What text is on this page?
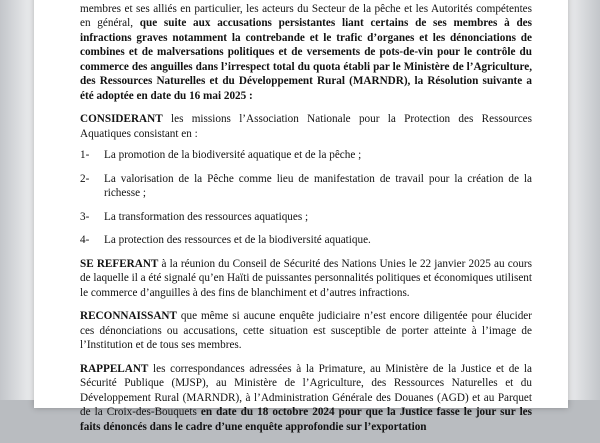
membres et ses alliés en particulier, les acteurs du Secteur de la pêche et les Autorités compétentes en général, que suite aux accusations persistantes liant certains de ses membres à des infractions graves notamment la contrebande et le trafic d’organes et les dénonciations de combines et de malversations politiques et de versements de pots-de-vin pour le contrôle du commerce des anguilles dans l’irrespect total du quota établi par le Ministère de l’Agriculture, des Ressources Naturelles et du Développement Rural (MARNDR), la Résolution suivante a été adoptée en date du 16 mai 2025 :

CONSIDERANT les missions l’Association Nationale pour la Protection des Ressources Aquatiques consistant en :

1-	La promotion de la biodiversité aquatique et de la pêche ;
2-	La valorisation de la Pêche comme lieu de manifestation de travail pour la création de la richesse ;
3-	La transformation des ressources aquatiques ;
4-	La protection des ressources et de la biodiversité aquatique.

SE REFERANT à la réunion du Conseil de Sécurité des Nations Unies le 22 janvier 2025 au cours de laquelle il a été signalé qu’en Haïti de puissantes personnalités politiques et économiques utilisent le commerce d’anguilles à des fins de blanchiment et d’autres infractions.

RECONNAISSANT que même si aucune enquête judiciaire n’est encore diligentée pour élucider ces dénonciations ou accusations, cette situation est susceptible de porter atteinte à l’image de l’Institution et de tous ses membres.

RAPPELANT les correspondances adressées à la Primature, au Ministère de la Justice et de la Sécurité Publique (MJSP), au Ministère de l’Agriculture, des Ressources Naturelles et du Développement Rural (MARNDR), à l’Administration Générale des Douanes (AGD) et au Parquet de la Croix-des-Bouquets en date du 18 octobre 2024 pour que la Justice fasse le jour sur les faits dénoncés dans le cadre d’une enquête approfondie sur l’exportation
